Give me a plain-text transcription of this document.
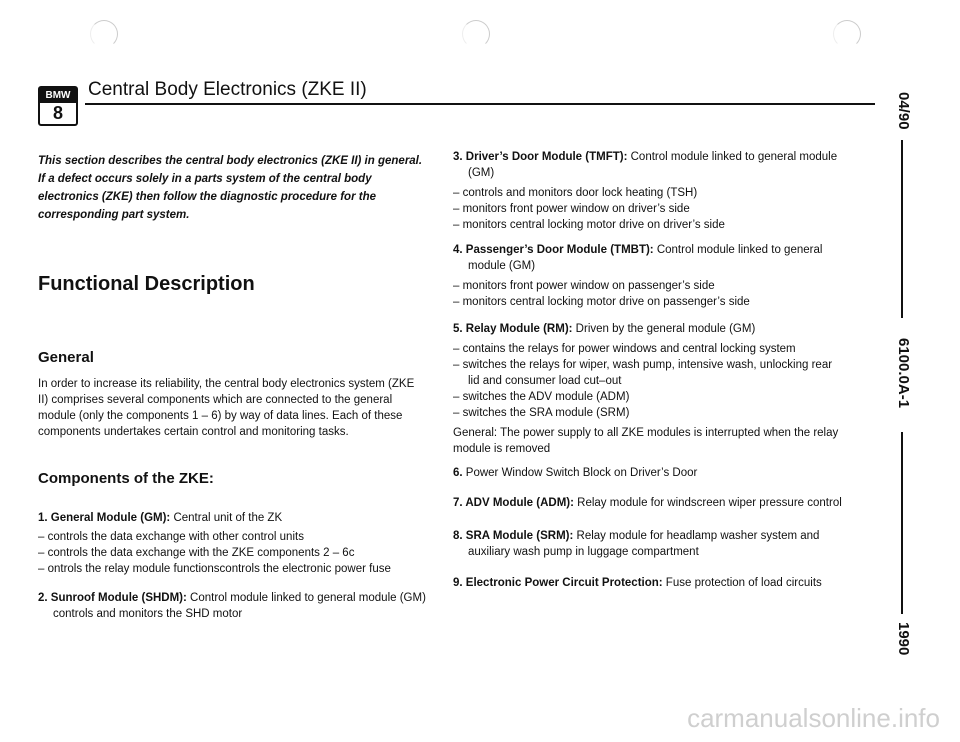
BMW
8
Central Body Electronics (ZKE II)
This section describes the central body electronics (ZKE II) in general. If a defect occurs solely in a parts system of the central body electronics (ZKE) then follow the diagnostic procedure for the corresponding part system.
Functional Description
General
In order to increase its reliability, the central body electronics system (ZKE II) comprises several components which are connected to the general module (only the components 1 – 6) by way of data lines. Each of these components undertakes certain control and monitoring tasks.
Components of the ZKE:
1. General Module (GM): Central unit of the ZK
– controls the data exchange with other control units
– controls the data exchange with the ZKE components 2 – 6c
– ontrols the relay module functionscontrols the electronic power fuse
2. Sunroof Module (SHDM): Control module linked to general module (GM)
controls and monitors the SHD motor
3. Driver’s Door Module (TMFT): Control module linked to general module
(GM)
– controls and monitors door lock heating (TSH)
– monitors front power window on driver’s side
– monitors central locking motor drive on driver’s side
4. Passenger’s Door Module (TMBT): Control module linked to general
module (GM)
– monitors front power window on passenger’s side
– monitors central locking motor drive on passenger’s side
5. Relay Module (RM): Driven by the general module (GM)
– contains the relays for power windows and central locking system
– switches the relays for wiper, wash pump, intensive wash, unlocking rear
lid and consumer load cut–out
– switches the ADV module (ADM)
– switches the SRA module (SRM)
General: The power supply to all ZKE modules is interrupted when the relay module is removed
6. Power Window Switch Block on Driver’s Door
7. ADV Module (ADM): Relay module for windscreen wiper pressure control
8. SRA Module (SRM): Relay module for headlamp washer system and
auxiliary wash pump in luggage compartment
9. Electronic Power Circuit Protection: Fuse protection of load circuits
04/90
6100.0A-1
1990
carmanualsonline.info
